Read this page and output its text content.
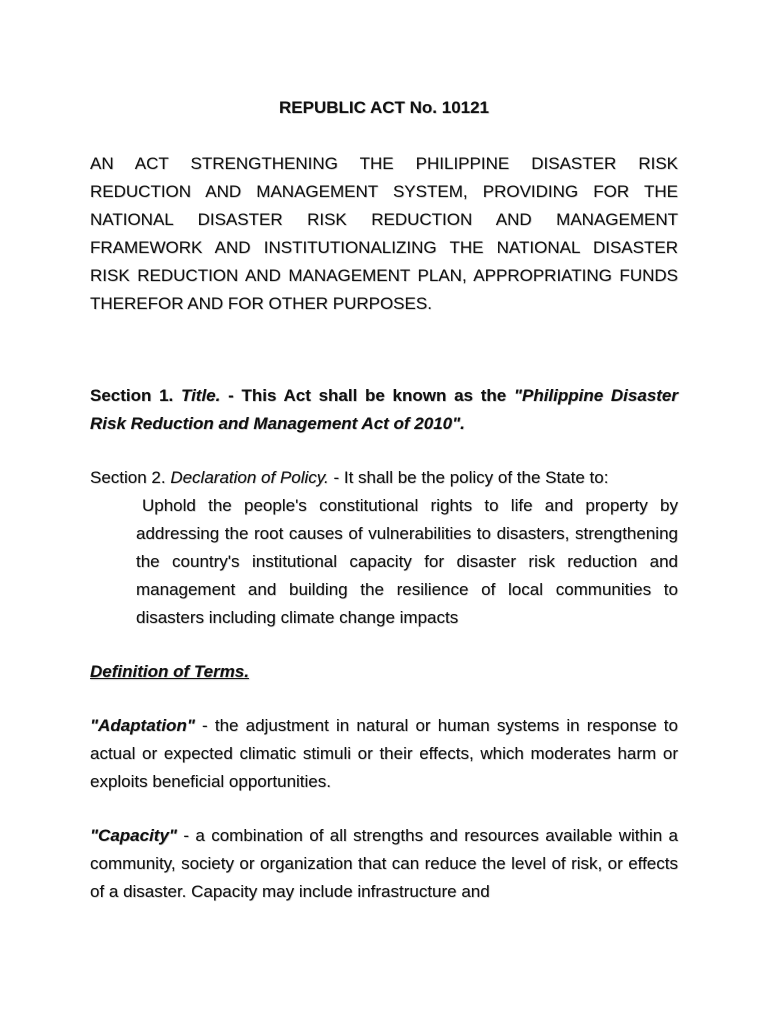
REPUBLIC ACT No. 10121

AN ACT STRENGTHENING THE PHILIPPINE DISASTER RISK REDUCTION AND MANAGEMENT SYSTEM, PROVIDING FOR THE NATIONAL DISASTER RISK REDUCTION AND MANAGEMENT FRAMEWORK AND INSTITUTIONALIZING THE NATIONAL DISASTER RISK REDUCTION AND MANAGEMENT PLAN, APPROPRIATING FUNDS THEREFOR AND FOR OTHER PURPOSES.

Section 1. Title. - This Act shall be known as the "Philippine Disaster Risk Reduction and Management Act of 2010".

Section 2. Declaration of Policy. - It shall be the policy of the State to:

Uphold the people's constitutional rights to life and property by addressing the root causes of vulnerabilities to disasters, strengthening the country's institutional capacity for disaster risk reduction and management and building the resilience of local communities to disasters including climate change impacts

Definition of Terms.

"Adaptation" - the adjustment in natural or human systems in response to actual or expected climatic stimuli or their effects, which moderates harm or exploits beneficial opportunities.

"Capacity" - a combination of all strengths and resources available within a community, society or organization that can reduce the level of risk, or effects of a disaster. Capacity may include infrastructure and
